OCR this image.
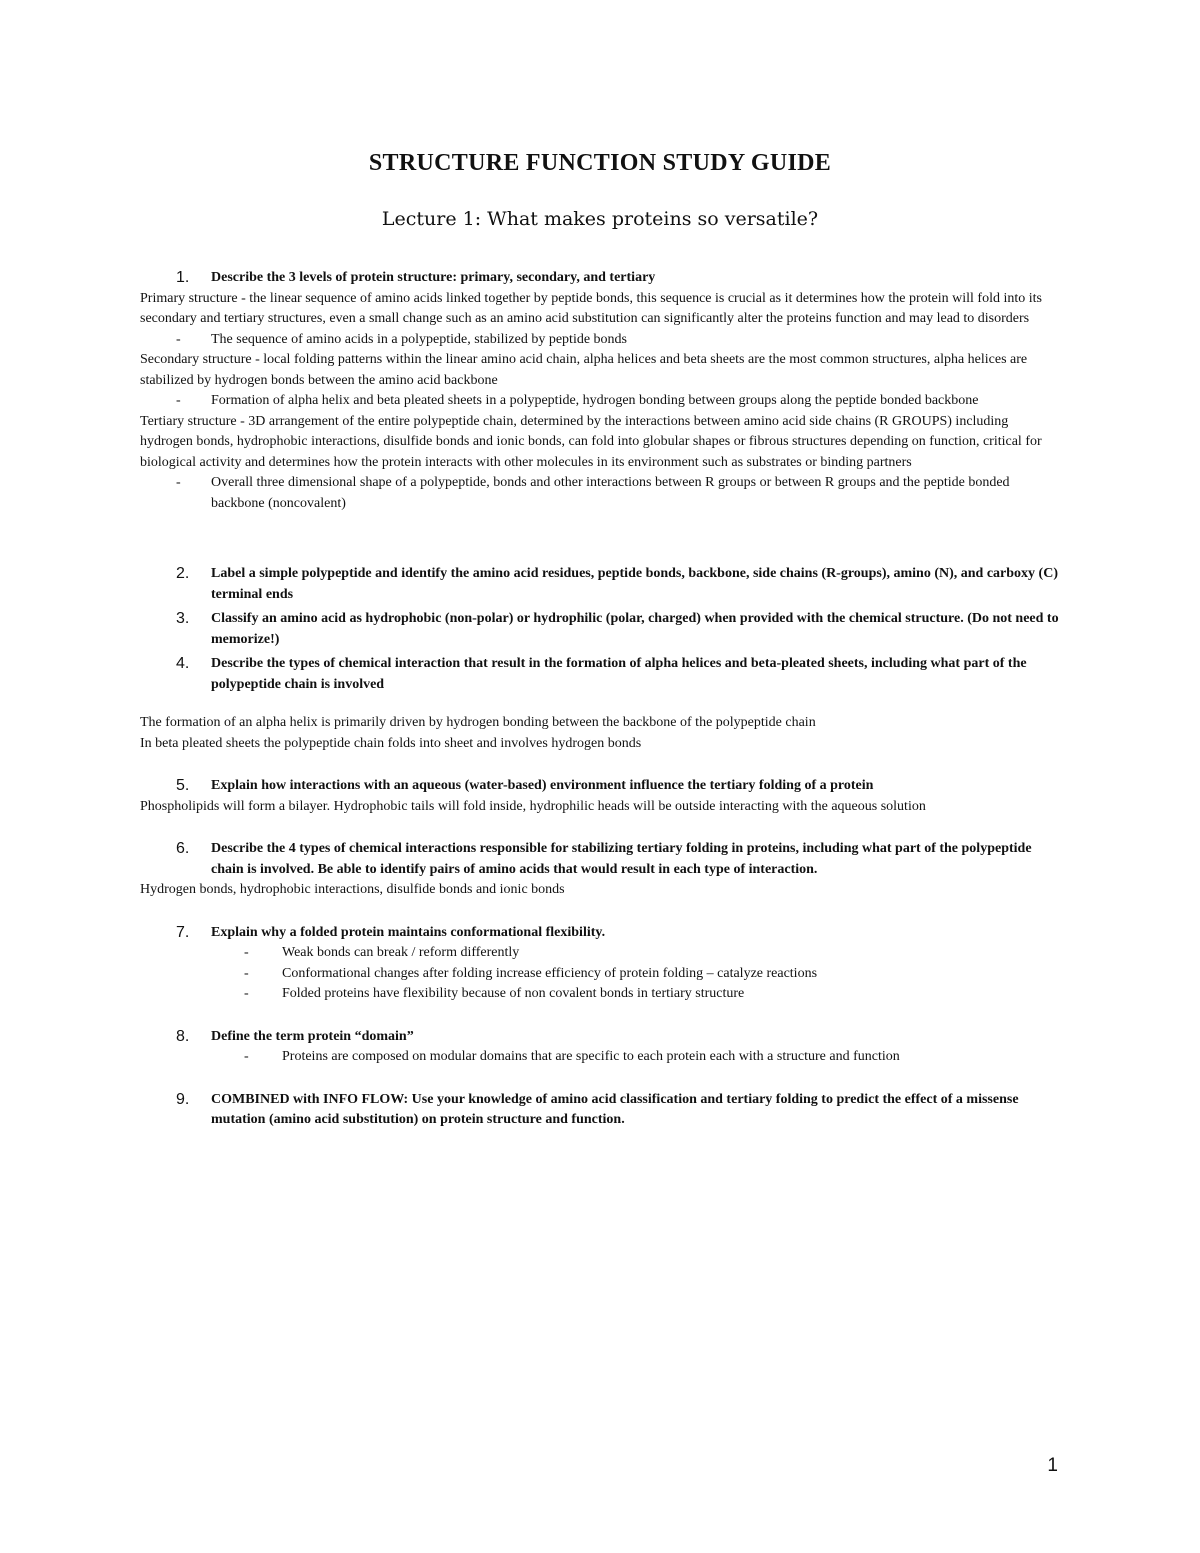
STRUCTURE FUNCTION STUDY GUIDE
Lecture 1: What makes proteins so versatile?
1. Describe the 3 levels of protein structure: primary, secondary, and tertiary

Primary structure - the linear sequence of amino acids linked together by peptide bonds, this sequence is crucial as it determines how the protein will fold into its secondary and tertiary structures, even a small change such as an amino acid substitution can significantly alter the proteins function and may lead to disorders

- The sequence of amino acids in a polypeptide, stabilized by peptide bonds

Secondary structure - local folding patterns within the linear amino acid chain, alpha helices and beta sheets are the most common structures, alpha helices are stabilized by hydrogen bonds between the amino acid backbone

- Formation of alpha helix and beta pleated sheets in a polypeptide, hydrogen bonding between groups along the peptide bonded backbone

Tertiary structure - 3D arrangement of the entire polypeptide chain, determined by the interactions between amino acid side chains (R GROUPS) including hydrogen bonds, hydrophobic interactions, disulfide bonds and ionic bonds, can fold into globular shapes or fibrous structures depending on function, critical for biological activity and determines how the protein interacts with other molecules in its environment such as substrates or binding partners

- Overall three dimensional shape of a polypeptide, bonds and other interactions between R groups or between R groups and the peptide bonded backbone (noncovalent)
2. Label a simple polypeptide and identify the amino acid residues, peptide bonds, backbone, side chains (R-groups), amino (N), and carboxy (C) terminal ends
3. Classify an amino acid as hydrophobic (non-polar) or hydrophilic (polar, charged) when provided with the chemical structure. (Do not need to memorize!)
4. Describe the types of chemical interaction that result in the formation of alpha helices and beta-pleated sheets, including what part of the polypeptide chain is involved

The formation of an alpha helix is primarily driven by hydrogen bonding between the backbone of the polypeptide chain

In beta pleated sheets the polypeptide chain folds into sheet and involves hydrogen bonds

5. Explain how interactions with an aqueous (water-based) environment influence the tertiary folding of a protein

Phospholipids will form a bilayer. Hydrophobic tails will fold inside, hydrophilic heads will be outside interacting with the aqueous solution

6. Describe the 4 types of chemical interactions responsible for stabilizing tertiary folding in proteins, including what part of the polypeptide chain is involved. Be able to identify pairs of amino acids that would result in each type of interaction.

Hydrogen bonds, hydrophobic interactions, disulfide bonds and ionic bonds

7. Explain why a folded protein maintains conformational flexibility.
- Weak bonds can break / reform differently
- Conformational changes after folding increase efficiency of protein folding – catalyze reactions
- Folded proteins have flexibility because of non covalent bonds in tertiary structure
8. Define the term protein “domain”
- Proteins are composed on modular domains that are specific to each protein each with a structure and function
9. COMBINED with INFO FLOW: Use your knowledge of amino acid classification and tertiary folding to predict the effect of a missense mutation (amino acid substitution) on protein structure and function.
1
